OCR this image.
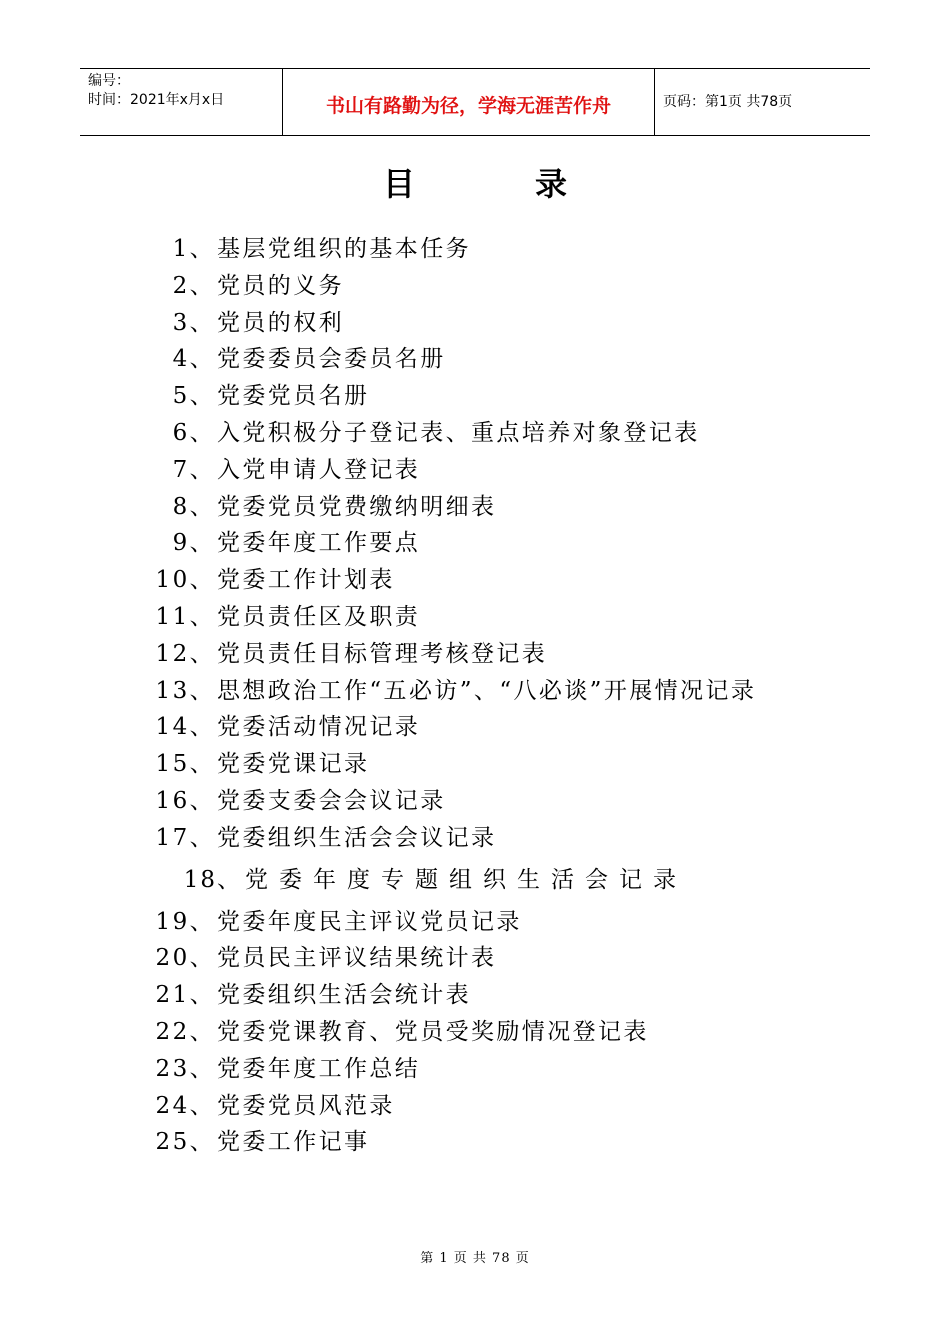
编号：
时间：2021年x月x日	书山有路勤为径，学海无涯苦作舟	页码：第1页 共78页
目	录
1、 基层党组织的基本任务
2、 党员的义务
3、 党员的权利
4、 党委委员会委员名册
5、 党委党员名册
6、 入党积极分子登记表、重点培养对象登记表
7、 入党申请人登记表
8、 党委党员党费缴纳明细表
9、 党委年度工作要点
10、 党委工作计划表
11、 党员责任区及职责
12、 党员责任目标管理考核登记表
13、 思想政治工作“五必访”、“八必谈”开展情况记录
14、 党委活动情况记录
15、 党委党课记录
16、 党委支委会会议记录
17、 党委组织生活会会议记录
18、 党委年度专题组织生活会记录
19、 党委年度民主评议党员记录
20、 党员民主评议结果统计表
21、 党委组织生活会统计表
22、 党委党课教育、党员受奖励情况登记表
23、 党委年度工作总结
24、 党委党员风范录
25、 党委工作记事
第 1 页 共 78 页
